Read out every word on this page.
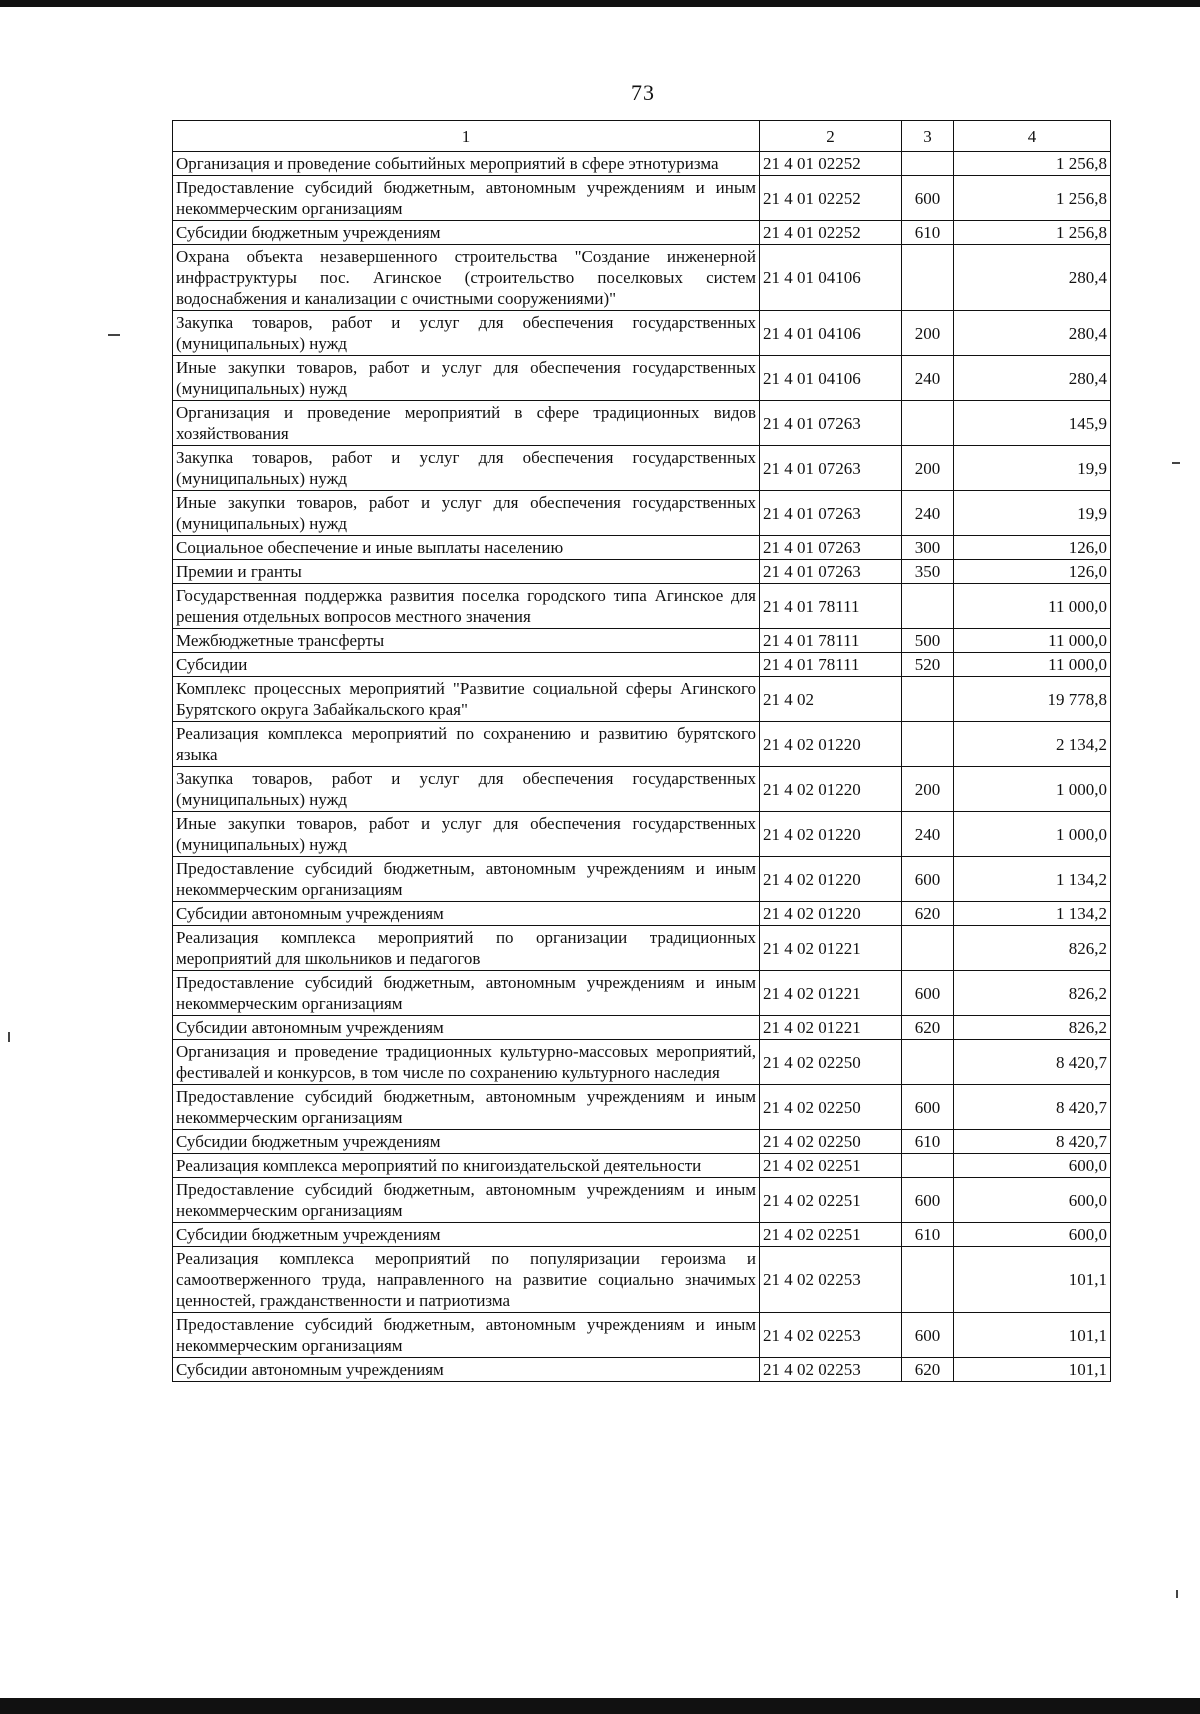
73
1	2	3	4
Организация и проведение событийных мероприятий в сфере этнотуризма	21 4 01 02252		1 256,8
Предоставление субсидий бюджетным, автономным учреждениям и иным некоммерческим организациям	21 4 01 02252	600	1 256,8
Субсидии бюджетным учреждениям	21 4 01 02252	610	1 256,8
Охрана объекта незавершенного строительства "Создание инженерной инфраструктуры пос. Агинское (строительство поселковых систем водоснабжения и канализации с очистными сооружениями)"	21 4 01 04106		280,4
Закупка товаров, работ и услуг для обеспечения государственных (муниципальных) нужд	21 4 01 04106	200	280,4
Иные закупки товаров, работ и услуг для обеспечения государственных (муниципальных) нужд	21 4 01 04106	240	280,4
Организация и проведение мероприятий в сфере традиционных видов хозяйствования	21 4 01 07263		145,9
Закупка товаров, работ и услуг для обеспечения государственных (муниципальных) нужд	21 4 01 07263	200	19,9
Иные закупки товаров, работ и услуг для обеспечения государственных (муниципальных) нужд	21 4 01 07263	240	19,9
Социальное обеспечение и иные выплаты населению	21 4 01 07263	300	126,0
Премии и гранты	21 4 01 07263	350	126,0
Государственная поддержка развития поселка городского типа Агинское для решения отдельных вопросов местного значения	21 4 01 78111		11 000,0
Межбюджетные трансферты	21 4 01 78111	500	11 000,0
Субсидии	21 4 01 78111	520	11 000,0
Комплекс процессных мероприятий "Развитие социальной сферы Агинского Бурятского округа Забайкальского края"	21 4 02		19 778,8
Реализация комплекса мероприятий по сохранению и развитию бурятского языка	21 4 02 01220		2 134,2
Закупка товаров, работ и услуг для обеспечения государственных (муниципальных) нужд	21 4 02 01220	200	1 000,0
Иные закупки товаров, работ и услуг для обеспечения государственных (муниципальных) нужд	21 4 02 01220	240	1 000,0
Предоставление субсидий бюджетным, автономным учреждениям и иным некоммерческим организациям	21 4 02 01220	600	1 134,2
Субсидии автономным учреждениям	21 4 02 01220	620	1 134,2
Реализация комплекса мероприятий по организации традиционных мероприятий для школьников и педагогов	21 4 02 01221		826,2
Предоставление субсидий бюджетным, автономным учреждениям и иным некоммерческим организациям	21 4 02 01221	600	826,2
Субсидии автономным учреждениям	21 4 02 01221	620	826,2
Организация и проведение традиционных культурно-массовых мероприятий, фестивалей и конкурсов, в том числе по сохранению культурного наследия	21 4 02 02250		8 420,7
Предоставление субсидий бюджетным, автономным учреждениям и иным некоммерческим организациям	21 4 02 02250	600	8 420,7
Субсидии бюджетным учреждениям	21 4 02 02250	610	8 420,7
Реализация комплекса мероприятий по книгоиздательской деятельности	21 4 02 02251		600,0
Предоставление субсидий бюджетным, автономным учреждениям и иным некоммерческим организациям	21 4 02 02251	600	600,0
Субсидии бюджетным учреждениям	21 4 02 02251	610	600,0
Реализация комплекса мероприятий по популяризации героизма и самоотверженного труда, направленного на развитие социально значимых ценностей, гражданственности и патриотизма	21 4 02 02253		101,1
Предоставление субсидий бюджетным, автономным учреждениям и иным некоммерческим организациям	21 4 02 02253	600	101,1
Субсидии автономным учреждениям	21 4 02 02253	620	101,1
